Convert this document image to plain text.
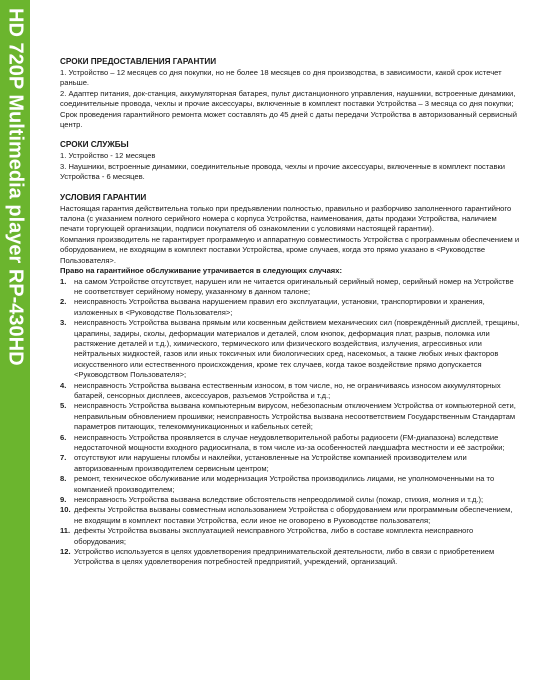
HD 720P Multimedia player RP-430HD	СРОКИ ПРЕДОСТАВЛЕНИЯ ГАРАНТИИ

1. Устройство – 12 месяцев со дня покупки, но не более 18 месяцев со дня производства, в зависимости, какой срок истечет раньше.

2. Адаптер питания, док-станция, аккумуляторная батарея, пульт дистанционного управления, наушники, встроенные динамики, соединительные провода, чехлы и прочие аксессуары, включенные в комплект поставки Устройства – 3 месяца со дня покупки;

Срок проведения гарантийного ремонта может составлять до 45 дней с даты передачи Устройства в авторизованный сервисный центр.

СРОКИ СЛУЖБЫ

1. Устройство - 12 месяцев

3. Наушники, встроенные динамики, соединительные провода, чехлы и прочие аксессуары, включенные в комплект поставки Устройства - 6 месяцев.

УСЛОВИЯ ГАРАНТИИ

Настоящая гарантия действительна только при предъявлении полностью, правильно и разборчиво заполненного гарантийного талона (с указанием полного серийного номера с корпуса Устройства, наименования, даты продажи Устройства, наличием печати торгующей организации, подписи покупателя об ознакомлении с условиями настоящей гарантии).

Компания производитель не гарантирует программную и аппаратную совместимость Устройства с программным обеспечением и оборудованием, не входящим в комплект поставки Устройства, кроме случаев, когда это прямо указано в <Руководстве Пользователя>.

Право на гарантийное обслуживание утрачивается в следующих случаях:

1.	на самом Устройстве отсутствует, нарушен или не читается оригинальный серийный номер, серийный номер на Устройстве не соответствует серийному номеру, указанному в данном талоне;
2.	неисправность Устройства вызвана нарушением правил его эксплуатации, установки, транспортировки и хранения, изложенных в <Руководстве Пользователя>;
3.	неисправность Устройства вызвана прямым или косвенным действием механических сил (повреждённый дисплей, трещины, царапины, задиры, сколы, деформации материалов и деталей, слом кнопок, деформация плат, разрыв, поломка или растяжение деталей и т.д.), химического, термического или физического воздействия, излучения, агрессивных или нейтральных жидкостей, газов или иных токсичных или биологических сред, насекомых, а также любых иных факторов искусственного или естественного происхождения, кроме тех случаев, когда такое воздействие прямо допускается <Руководством Пользователя>;
4.	неисправность Устройства вызвана естественным износом, в том числе, но, не ограничиваясь износом аккумуляторных батарей, сенсорных дисплеев, аксессуаров, разъемов Устройства и т.д.;
5.	неисправность Устройства вызвана компьютерным вирусом, небезопасным отключением Устройства от компьютерной сети, неправильным обновлением прошивки; неисправность Устройства вызвана несоответствием Государственным Стандартам параметров питающих, телекоммуникационных и кабельных сетей;
6.	неисправность Устройства проявляется в случае неудовлетворительной работы радиосети (FM-диапазона) вследствие недостаточной мощности входного радиосигнала, в том числе из-за особенностей ландшафта местности и её застройки;
7.	отсутствуют или нарушены пломбы и наклейки, установленные на Устройстве компанией производителем или авторизованным производителем сервисным центром;
8.	ремонт, техническое обслуживание или модернизация Устройства производились лицами, не уполномоченными на то компанией производителем;
9.	неисправность Устройства вызвана вследствие обстоятельств непреодолимой силы (пожар, стихия, молния и т.д.);
10. дефекты Устройства вызваны совместным использованием Устройства с оборудованием или программным обеспечением, не входящим в комплект поставки Устройства, если иное не оговорено в Руководстве пользователя;
11. дефекты Устройства вызваны эксплуатацией неисправного Устройства, либо в составе комплекта неисправного оборудования;
12. Устройство используется в целях удовлетворения предпринимательской деятельности, либо в связи с приобретением Устройства в целях удовлетворения потребностей предприятий, учреждений, организаций.
